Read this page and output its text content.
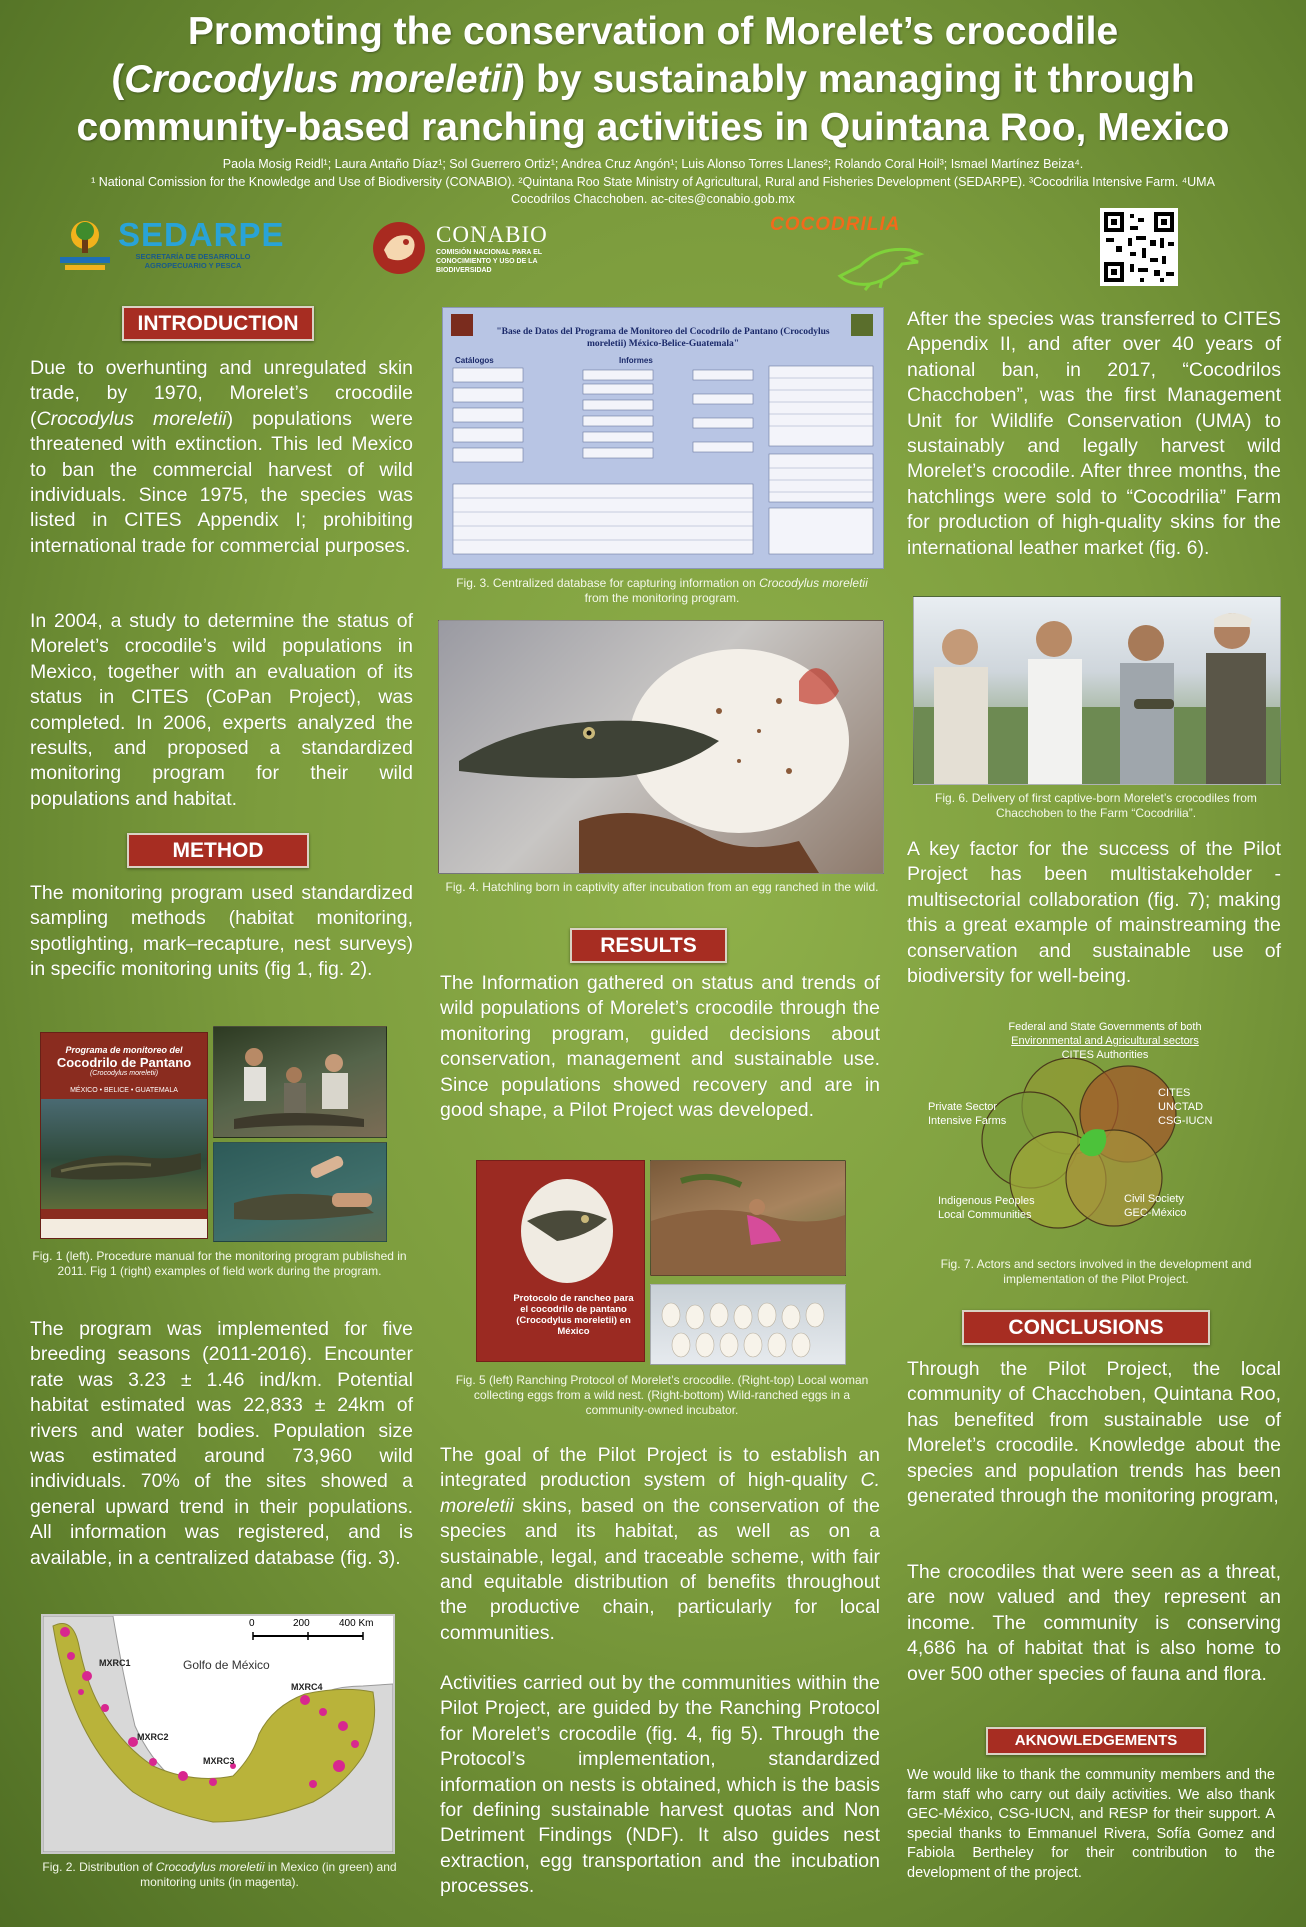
Promoting the conservation of Morelet’s crocodile
(Crocodylus moreletii) by sustainably managing it through
community-based ranching activities in Quintana Roo, Mexico
Paola Mosig Reidl¹; Laura Antaño Díaz¹; Sol Guerrero Ortiz¹; Andrea Cruz Angón¹; Luis Alonso Torres Llanes²; Rolando Coral Hoil³; Ismael Martínez Beiza⁴.
¹ National Comission for the Knowledge and Use of Biodiversity (CONABIO). ²Quintana Roo State Ministry of Agricultural, Rural and Fisheries Development (SEDARPE). ³Cocodrilia Intensive Farm. ⁴UMA
Cocodrilos Chacchoben. ac-cites@conabio.gob.mx
SEDARPE
SECRETARÍA DE DESARROLLO AGROPECUARIO Y PESCA
CONABIO
COMISIÓN NACIONAL PARA EL CONOCIMIENTO Y USO DE LA BIODIVERSIDAD
COCODRILIA
INTRODUCTION
Due to overhunting and unregulated skin trade, by 1970, Morelet’s crocodile (Crocodylus moreletii) populations were threatened with extinction. This led Mexico to ban the commercial harvest of wild individuals. Since 1975, the species was listed in CITES Appendix I; prohibiting international trade for commercial purposes.
In 2004, a study to determine the status of Morelet’s crocodile’s wild populations in Mexico, together with an evaluation of its status in CITES (CoPan Project), was completed. In 2006, experts analyzed the results, and proposed a standardized monitoring program for their wild populations and habitat.
METHOD
The monitoring program used standardized sampling methods (habitat monitoring, spotlighting, mark–recapture, nest surveys) in specific monitoring units (fig 1, fig. 2).
Programa de monitoreo del
Cocodrilo de Pantano
(Crocodylus moreletii)
MÉXICO • BELICE • GUATEMALA
Fig. 1 (left). Procedure manual for the monitoring program published in 2011. Fig 1 (right) examples of field work during the program.
The program was implemented for five breeding seasons (2011-2016). Encounter rate was 3.23 ± 1.46 ind/km. Potential habitat estimated was 22,833 ± 24km of rivers and water bodies. Population size was estimated around 73,960 wild individuals. 70% of the sites showed a general upward trend in their populations. All information was registered, and is available, in a centralized database (fig. 3).
0	200	400 Km
Golfo de México
MXRC1
MXRC2
MXRC3
MXRC4
Fig. 2. Distribution of Crocodylus moreletii in Mexico (in green) and monitoring units (in magenta).
"Base de Datos del Programa de Monitoreo del Cocodrilo de Pantano (Crocodylus moreletii) México-Belice-Guatemala"
Catálogos	Informes
Fig. 3. Centralized database for capturing information on Crocodylus moreletii from the monitoring program.
Fig. 4. Hatchling born in captivity after incubation from an egg ranched in the wild.
RESULTS
The Information gathered on status and trends of wild populations of Morelet’s crocodile through the monitoring program, guided decisions about conservation, management and sustainable use. Since populations showed recovery and are in good shape, a Pilot Project was developed.
Protocolo de rancheo para el cocodrilo de pantano (Crocodylus moreletii) en México
Fig. 5 (left) Ranching Protocol of Morelet’s crocodile. (Right-top) Local woman collecting eggs from a wild nest. (Right-bottom) Wild-ranched eggs in a community-owned incubator.
The goal of the Pilot Project is to establish an integrated production system of high-quality C. moreletii skins, based on the conservation of the species and its habitat, as well as on a sustainable, legal, and traceable scheme, with fair and equitable distribution of benefits throughout the productive chain, particularly for local communities.
Activities carried out by the communities within the Pilot Project, are guided by the Ranching Protocol for Morelet’s crocodile (fig. 4, fig 5). Through the Protocol’s implementation, standardized information on nests is obtained, which is the basis for defining sustainable harvest quotas and Non Detriment Findings (NDF). It also guides nest extraction, egg transportation and the incubation processes.
After the species was transferred to CITES Appendix II, and after over 40 years of national ban, in 2017, “Cocodrilos Chacchoben”, was the first Management Unit for Wildlife Conservation (UMA) to sustainably and legally harvest wild Morelet’s crocodile. After three months, the hatchlings were sold to “Cocodrilia” Farm for production of high-quality skins for the international leather market (fig. 6).
Fig. 6. Delivery of first captive-born Morelet’s crocodiles from Chacchoben to the Farm “Cocodrilia”.
A key factor for the success of the Pilot Project has been multistakeholder - multisectorial collaboration (fig. 7); making this a great example of mainstreaming the conservation and sustainable use of biodiversity for well-being.
Federal and State Governments of both
Environmental and Agricultural sectors
CITES Authorities
CITES
UNCTAD
CSG-IUCN
Private Sector
Intensive Farms
Indigenous Peoples
Local Communities
Civil Society
GEC-México
Fig. 7. Actors and sectors involved in the development and implementation of the Pilot Project.
CONCLUSIONS
Through the Pilot Project, the local community of Chacchoben, Quintana Roo, has benefited from sustainable use of Morelet’s crocodile. Knowledge about the species and population trends has been generated through the monitoring program,
The crocodiles that were seen as a threat, are now valued and they represent an income. The community is conserving 4,686 ha of habitat that is also home to over 500 other species of fauna and flora.
AKNOWLEDGEMENTS
We would like to thank the community members and the farm staff who carry out daily activities. We also thank GEC-México, CSG-IUCN, and RESP for their support. A special thanks to Emmanuel Rivera, Sofía Gomez and Fabiola Bertheley for their contribution to the development of the project.
